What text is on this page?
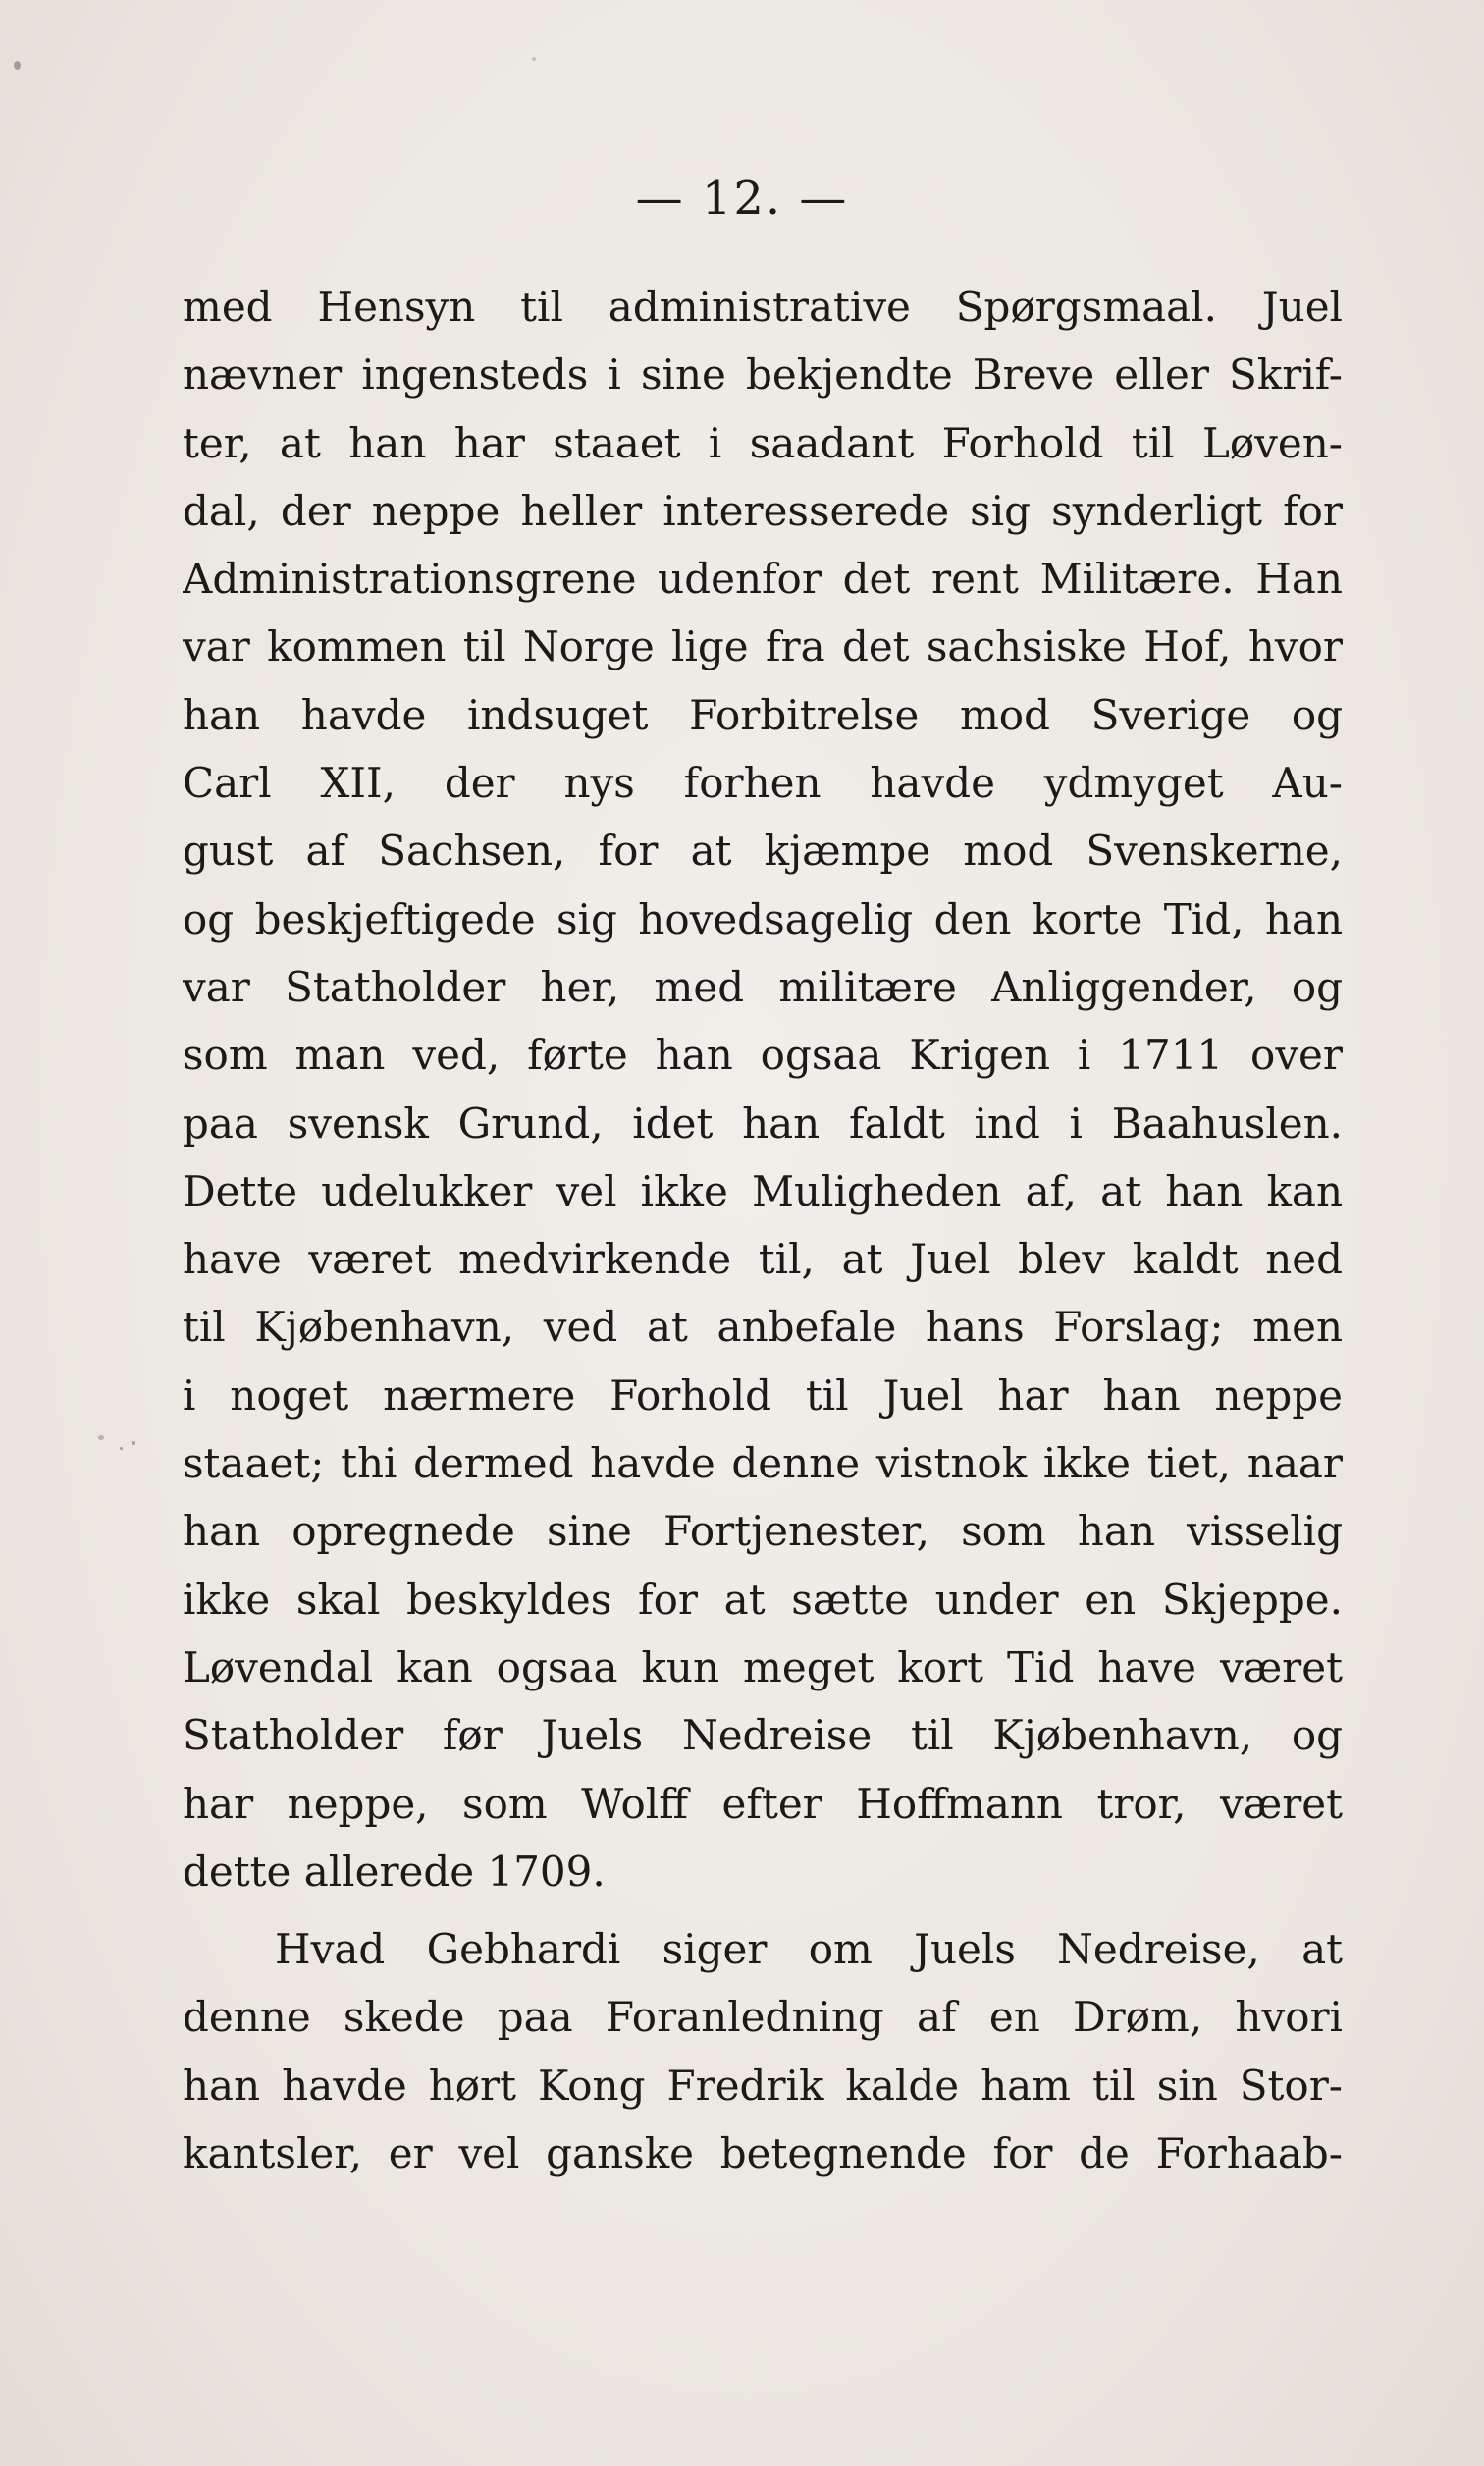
— 12. —
med Hensyn til administrative Spørgsmaal. Juel
nævner ingensteds i sine bekjendte Breve eller Skrif-
ter, at han har staaet i saadant Forhold til Løven-
dal, der neppe heller interesserede sig synderligt for
Administrationsgrene udenfor det rent Militære. Han
var kommen til Norge lige fra det sachsiske Hof, hvor
han havde indsuget Forbitrelse mod Sverige og
Carl XII, der nys forhen havde ydmyget Au-
gust af Sachsen, for at kjæmpe mod Svenskerne,
og beskjeftigede sig hovedsagelig den korte Tid, han
var Statholder her, med militære Anliggender, og
som man ved, førte han ogsaa Krigen i 1711 over
paa svensk Grund, idet han faldt ind i Baahuslen.
Dette udelukker vel ikke Muligheden af, at han kan
have været medvirkende til, at Juel blev kaldt ned
til Kjøbenhavn, ved at anbefale hans Forslag; men
i noget nærmere Forhold til Juel har han neppe
staaet; thi dermed havde denne vistnok ikke tiet, naar
han opregnede sine Fortjenester, som han visselig
ikke skal beskyldes for at sætte under en Skjeppe.
Løvendal kan ogsaa kun meget kort Tid have været
Statholder før Juels Nedreise til Kjøbenhavn, og
har neppe, som Wolff efter Hoffmann tror, været
dette allerede 1709.
Hvad Gebhardi siger om Juels Nedreise, at
denne skede paa Foranledning af en Drøm, hvori
han havde hørt Kong Fredrik kalde ham til sin Stor-
kantsler, er vel ganske betegnende for de Forhaab-
